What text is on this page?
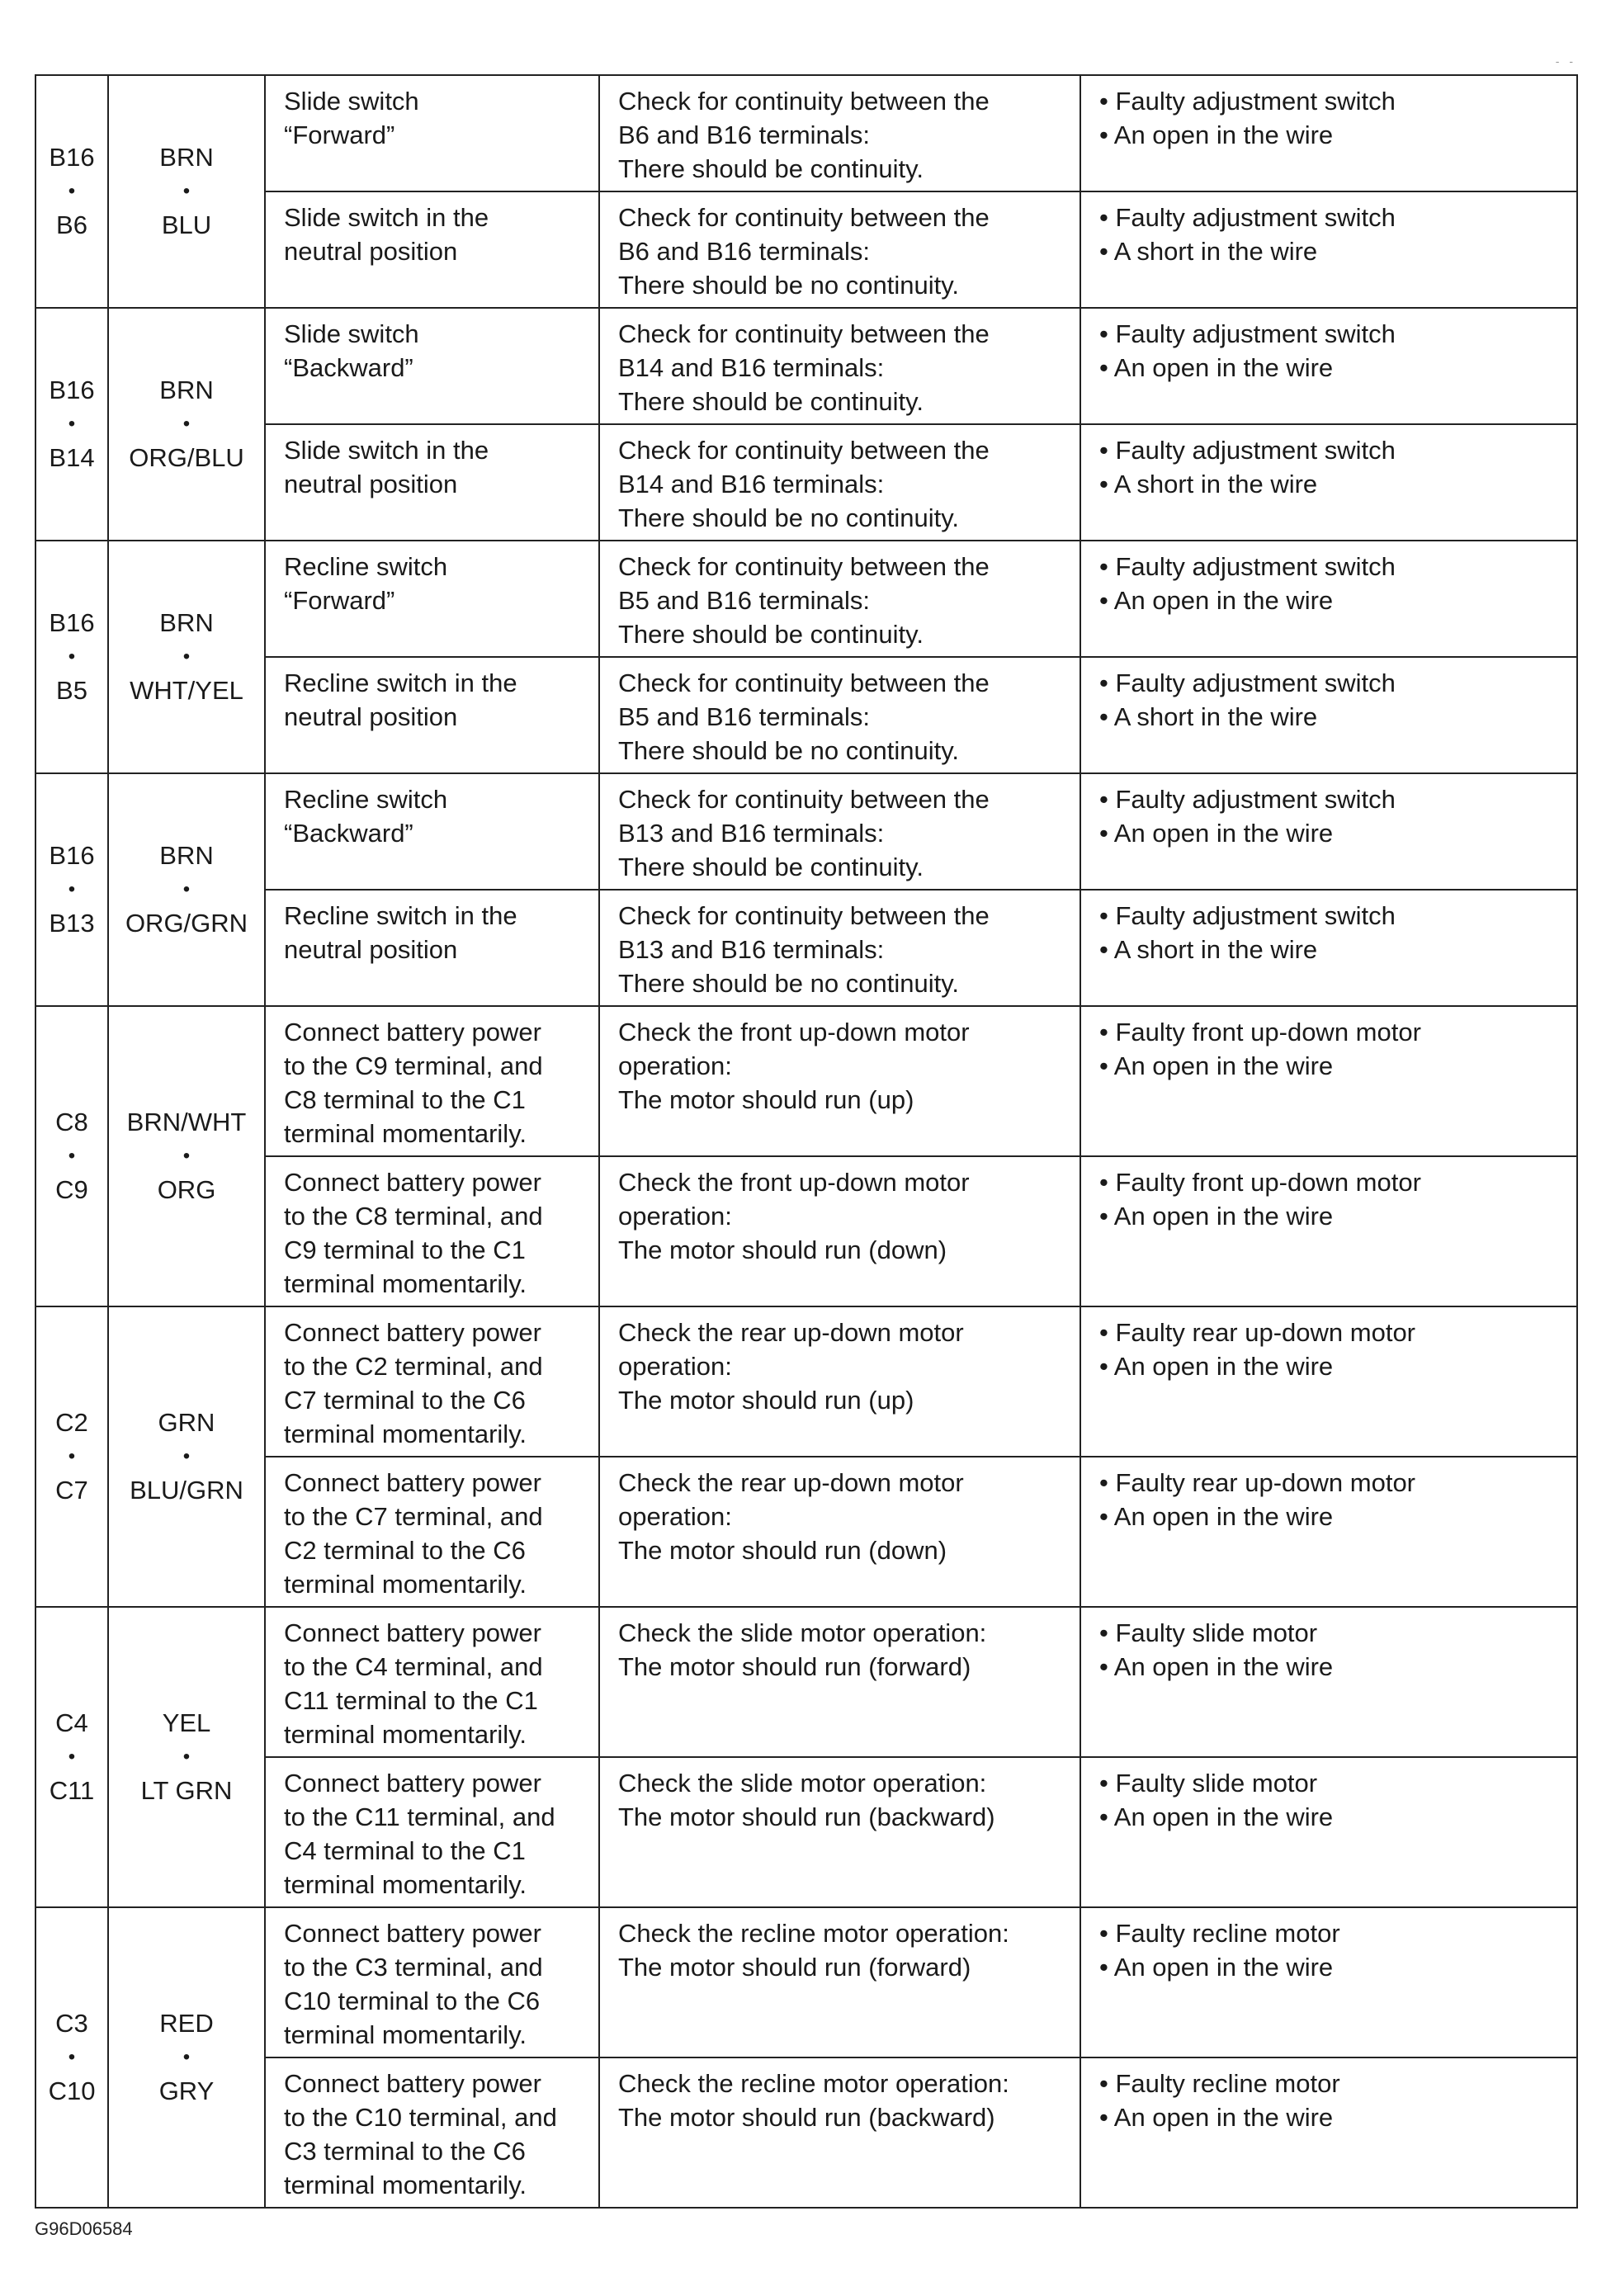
- -
B16
•
B6	BRN
•
BLU	Slide switch
“Forward”	Check for continuity between the
B6 and B16 terminals:
There should be continuity.	• Faulty adjustment switch
• An open in the wire

		Slide switch in the
neutral position	Check for continuity between the
B6 and B16 terminals:
There should be no continuity.	• Faulty adjustment switch
• A short in the wire

B16
•
B14	BRN
•
ORG/BLU	Slide switch
“Backward”	Check for continuity between the
B14 and B16 terminals:
There should be continuity.	• Faulty adjustment switch
• An open in the wire

		Slide switch in the
neutral position	Check for continuity between the
B14 and B16 terminals:
There should be no continuity.	• Faulty adjustment switch
• A short in the wire

B16
•
B5	BRN
•
WHT/YEL	Recline switch
“Forward”	Check for continuity between the
B5 and B16 terminals:
There should be continuity.	• Faulty adjustment switch
• An open in the wire

		Recline switch in the
neutral position	Check for continuity between the
B5 and B16 terminals:
There should be no continuity.	• Faulty adjustment switch
• A short in the wire

B16
•
B13	BRN
•
ORG/GRN	Recline switch
“Backward”	Check for continuity between the
B13 and B16 terminals:
There should be continuity.	• Faulty adjustment switch
• An open in the wire

		Recline switch in the
neutral position	Check for continuity between the
B13 and B16 terminals:
There should be no continuity.	• Faulty adjustment switch
• A short in the wire

C8
•
C9	BRN/WHT
•
ORG	Connect battery power
to the C9 terminal, and
C8 terminal to the C1
terminal momentarily.	Check the front up-down motor
operation:
The motor should run (up)	• Faulty front up-down motor
• An open in the wire

		Connect battery power
to the C8 terminal, and
C9 terminal to the C1
terminal momentarily.	Check the front up-down motor
operation:
The motor should run (down)	• Faulty front up-down motor
• An open in the wire

C2
•
C7	GRN
•
BLU/GRN	Connect battery power
to the C2 terminal, and
C7 terminal to the C6
terminal momentarily.	Check the rear up-down motor
operation:
The motor should run (up)	• Faulty rear up-down motor
• An open in the wire

		Connect battery power
to the C7 terminal, and
C2 terminal to the C6
terminal momentarily.	Check the rear up-down motor
operation:
The motor should run (down)	• Faulty rear up-down motor
• An open in the wire

C4
•
C11	YEL
•
LT GRN	Connect battery power
to the C4 terminal, and
C11 terminal to the C1
terminal momentarily.	Check the slide motor operation:
The motor should run (forward)	• Faulty slide motor
• An open in the wire

		Connect battery power
to the C11 terminal, and
C4 terminal to the C1
terminal momentarily.	Check the slide motor operation:
The motor should run (backward)	• Faulty slide motor
• An open in the wire

C3
•
C10	RED
•
GRY	Connect battery power
to the C3 terminal, and
C10 terminal to the C6
terminal momentarily.	Check the recline motor operation:
The motor should run (forward)	• Faulty recline motor
• An open in the wire

		Connect battery power
to the C10 terminal, and
C3 terminal to the C6
terminal momentarily.	Check the recline motor operation:
The motor should run (backward)	• Faulty recline motor
• An open in the wire
G96D06584
